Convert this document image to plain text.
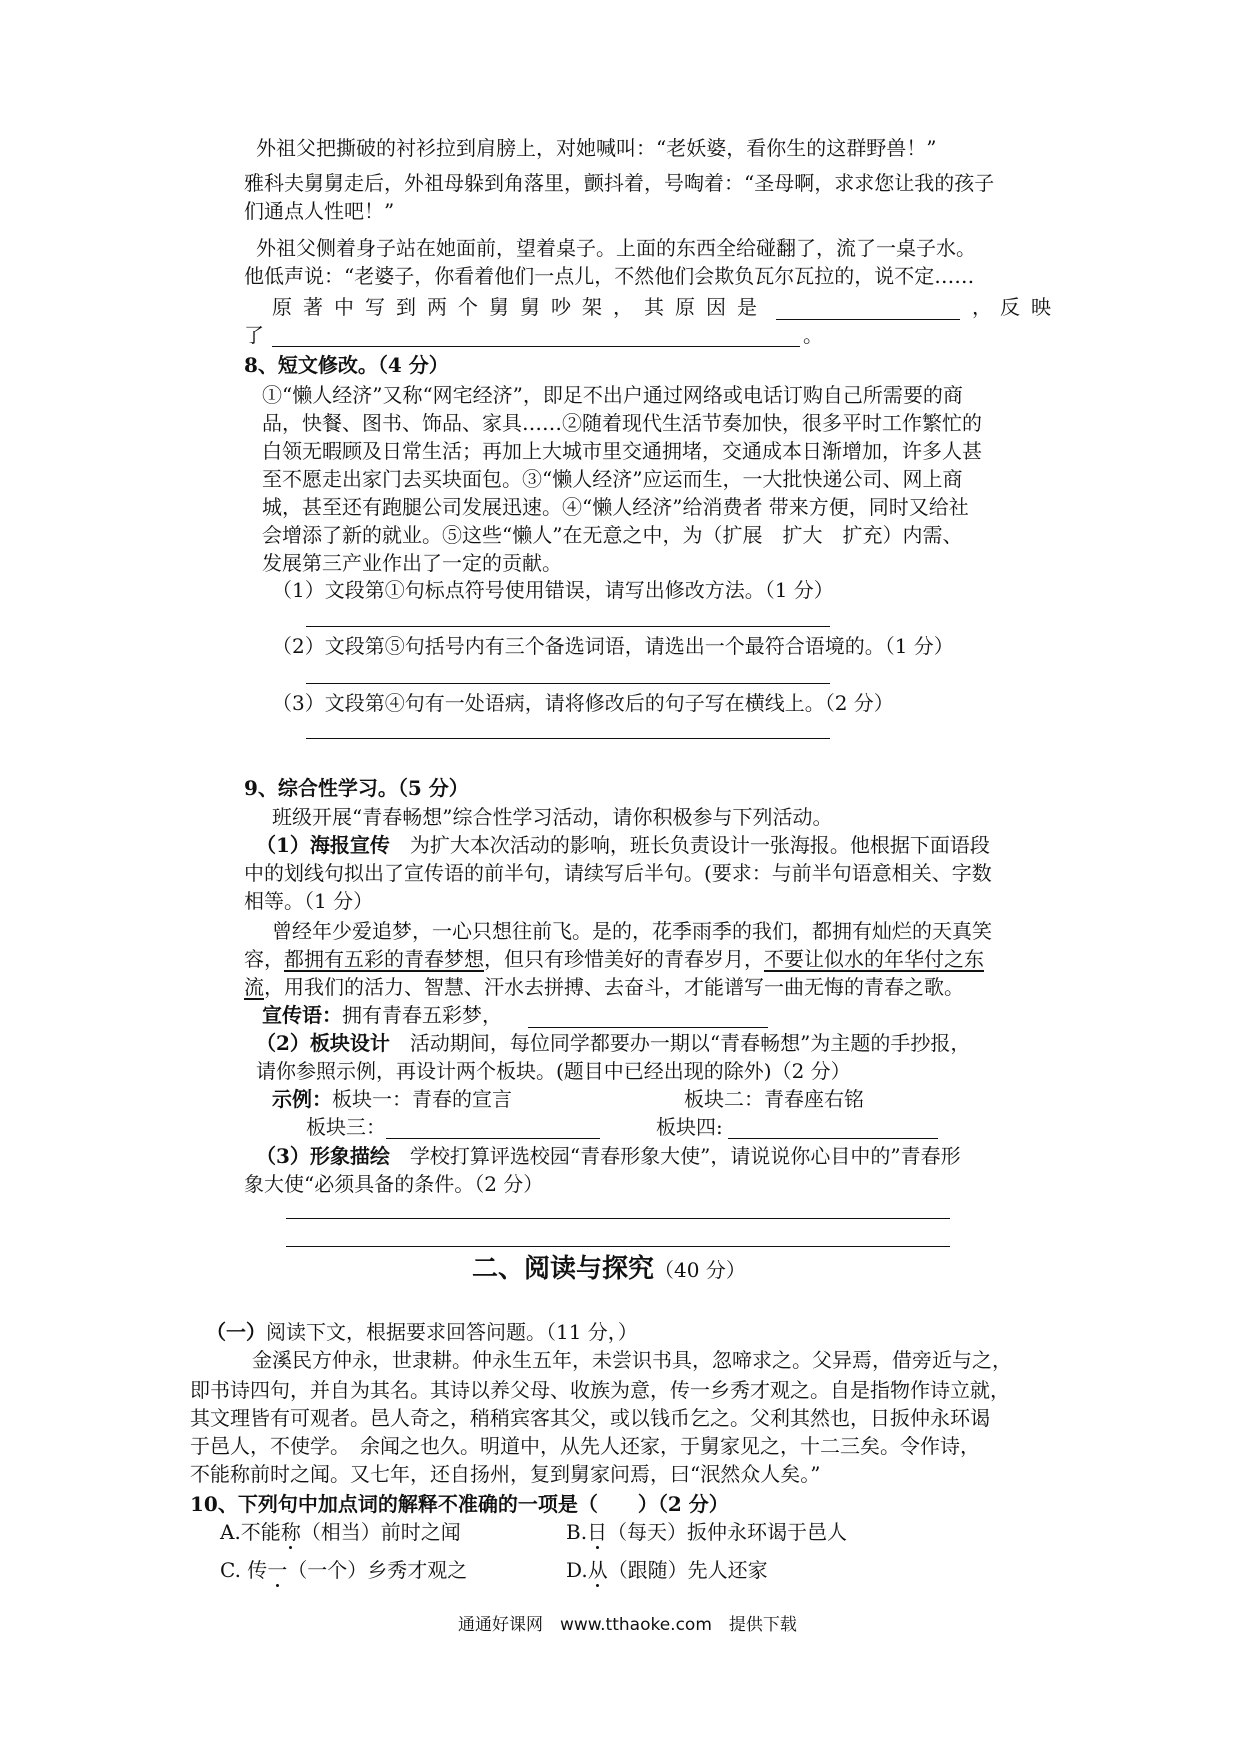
外祖父把撕破的衬衫拉到肩膀上，对她喊叫：“老妖婆，看你生的这群野兽！”
雅科夫舅舅走后，外祖母躲到角落里，颤抖着，号啕着：“圣母啊，求求您让我的孩子
们通点人性吧！”
外祖父侧着身子站在她面前，望着桌子。上面的东西全给碰翻了，流了一桌子水。
他低声说：“老婆子，你看着他们一点儿，不然他们会欺负瓦尔瓦拉的，说不定……
原著中写到两个舅舅吵架，其原因是	， 反映
了	。
8、短文修改。（4 分）
①“懒人经济”又称“网宅经济”，即足不出户通过网络或电话订购自己所需要的商
品，快餐、图书、饰品、家具……②随着现代生活节奏加快，很多平时工作繁忙的
白领无暇顾及日常生活；再加上大城市里交通拥堵，交通成本日渐增加，许多人甚
至不愿走出家门去买块面包。③“懒人经济”应运而生，一大批快递公司、网上商
城，甚至还有跑腿公司发展迅速。④“懒人经济”给消费者 带来方便，同时又给社
会增添了新的就业。⑤这些“懒人”在无意之中，为（扩展　扩大　扩充）内需、
发展第三产业作出了一定的贡献。
（1）文段第①句标点符号使用错误，请写出修改方法。（1 分）
（2）文段第⑤句括号内有三个备选词语，请选出一个最符合语境的。（1 分）
（3）文段第④句有一处语病，请将修改后的句子写在横线上。（2 分）
9、综合性学习。（5 分）
班级开展“青春畅想”综合性学习活动，请你积极参与下列活动。
（1）海报宣传　 为扩大本次活动的影响，班长负责设计一张海报。他根据下面语段
中的划线句拟出了宣传语的前半句，请续写后半句。(要求：与前半句语意相关、字数
相等。（1 分）
曾经年少爱追梦，一心只想往前飞。是的，花季雨季的我们，都拥有灿烂的天真笑
容，都拥有五彩的青春梦想，但只有珍惜美好的青春岁月，不要让似水的年华付之东
流，用我们的活力、智慧、汗水去拼搏、去奋斗，才能谱写一曲无悔的青春之歌。
宣传语：拥有青春五彩梦，
（2）板块设计　 活动期间，每位同学都要办一期以“青春畅想”为主题的手抄报，
请你参照示例，再设计两个板块。(题目中已经出现的除外)（2 分）
示例：板块一：青春的宣言	板块二：青春座右铭
板块三：	板块四:
（3）形象描绘　 学校打算评选校园“青春形象大使”，请说说你心目中的”青春形
象大使“必须具备的条件。（2 分）
二、阅读与探究（40 分）
（一）阅读下文，根据要求回答问题。（11 分，）
金溪民方仲永，世隶耕。仲永生五年，未尝识书具，忽啼求之。父异焉，借旁近与之，
即书诗四句，并自为其名。其诗以养父母、收族为意，传一乡秀才观之。自是指物作诗立就，
其文理皆有可观者。邑人奇之，稍稍宾客其父，或以钱币乞之。父利其然也，日扳仲永环谒
于邑人，不使学。　余闻之也久。明道中，从先人还家，于舅家见之，十二三矣。令作诗，
不能称前时之闻。又七年，还自扬州，复到舅家问焉，曰“泯然众人矣。”
10、下列句中加点词的解释不准确的一项是（　　）（2 分）
A.不能称（相当）前时之闻	B.日（每天）扳仲永环谒于邑人
C. 传一（一个）乡秀才观之	D.从（跟随）先人还家
通通好课网　www.tthaoke.com　提供下载
